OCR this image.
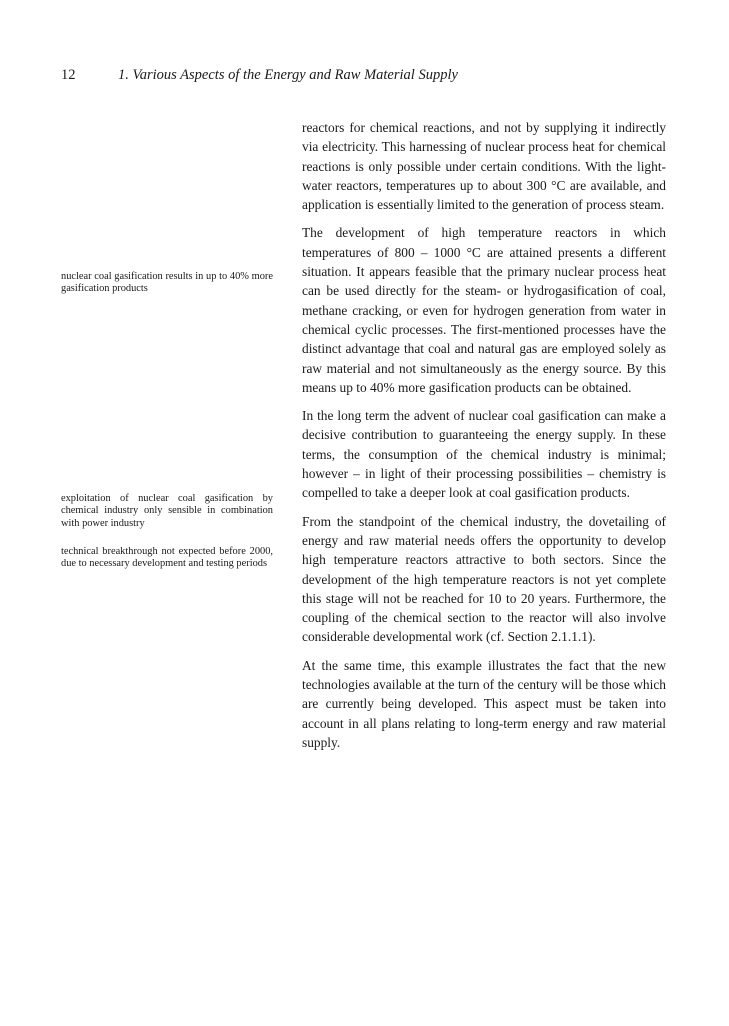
12	1. Various Aspects of the Energy and Raw Material Supply
nuclear coal gasification results in up to 40% more gasification products
exploitation of nuclear coal gasification by chemical industry only sensible in combination with power industry
technical breakthrough not expected before 2000, due to necessary development and testing periods

reactors for chemical reactions, and not by supplying it indirectly via electricity. This harnessing of nuclear process heat for chemical reactions is only possible under certain conditions. With the light-water reactors, temperatures up to about 300 °C are available, and application is essentially limited to the generation of process steam.

The development of high temperature reactors in which temperatures of 800 – 1000 °C are attained presents a different situation. It appears feasible that the primary nuclear process heat can be used directly for the steam- or hydrogasification of coal, methane cracking, or even for hydrogen generation from water in chemical cyclic processes. The first-mentioned processes have the distinct advantage that coal and natural gas are employed solely as raw material and not simultaneously as the energy source. By this means up to 40% more gasification products can be obtained.

In the long term the advent of nuclear coal gasification can make a decisive contribution to guaranteeing the energy supply. In these terms, the consumption of the chemical industry is minimal; however – in light of their processing possibilities – chemistry is compelled to take a deeper look at coal gasification products.

From the standpoint of the chemical industry, the dovetailing of energy and raw material needs offers the opportunity to develop high temperature reactors attractive to both sectors. Since the development of the high temperature reactors is not yet complete this stage will not be reached for 10 to 20 years. Furthermore, the coupling of the chemical section to the reactor will also involve considerable developmental work (cf. Section 2.1.1.1).

At the same time, this example illustrates the fact that the new technologies available at the turn of the century will be those which are currently being developed. This aspect must be taken into account in all plans relating to long-term energy and raw material supply.
